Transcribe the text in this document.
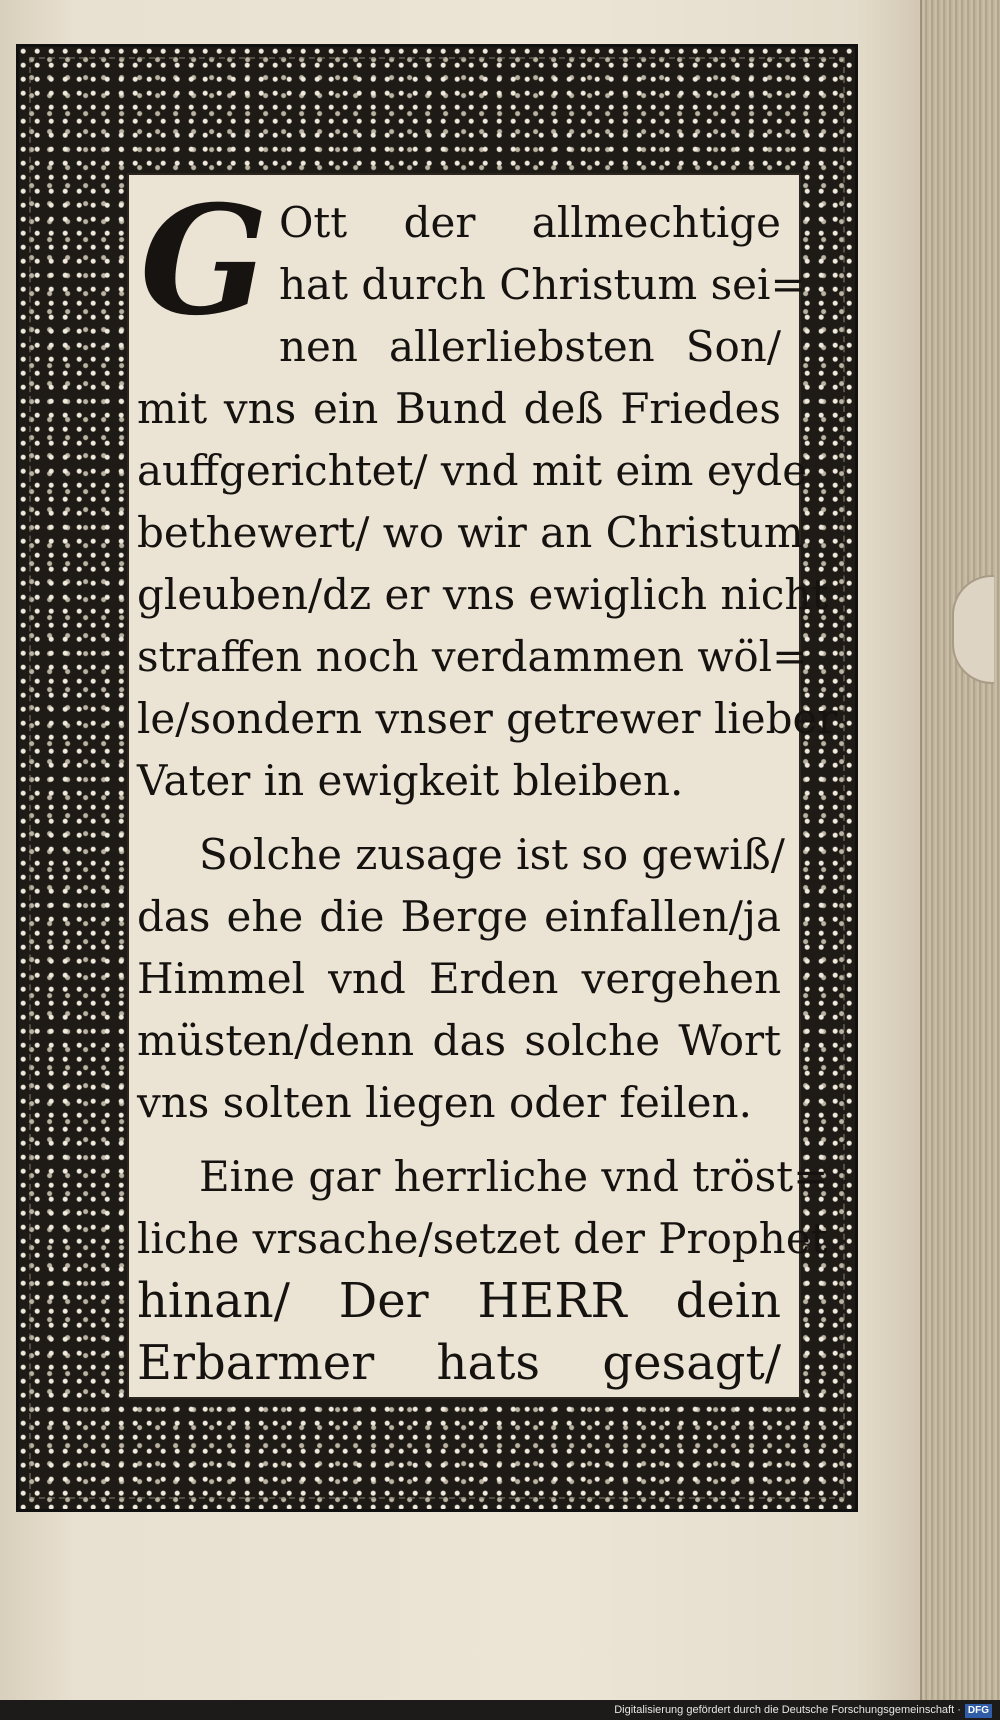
G Ott der allmechtige
hat durch Christum sei=
nen allerliebsten Son/
mit vns ein Bund deß Friedes
auffgerichtet/ vnd mit eim eyde
bethewert/ wo wir an Christum
gleuben/dz er vns ewiglich nicht
straffen noch verdammen wöl=
le/sondern vnser getrewer lieber
Vater in ewigkeit bleiben.
Solche zusage ist so gewiß/
das ehe die Berge einfallen/ja
Himmel vnd Erden vergehen
müsten/denn das solche Wort
vns solten liegen oder feilen.
Eine gar herrliche vnd tröst=
liche vrsache/setzet der Prophet
hinan/ Der HERR dein
Erbarmer hats gesagt/
Digitalisierung gefördert durch die Deutsche Forschungsgemeinschaft · DFG
